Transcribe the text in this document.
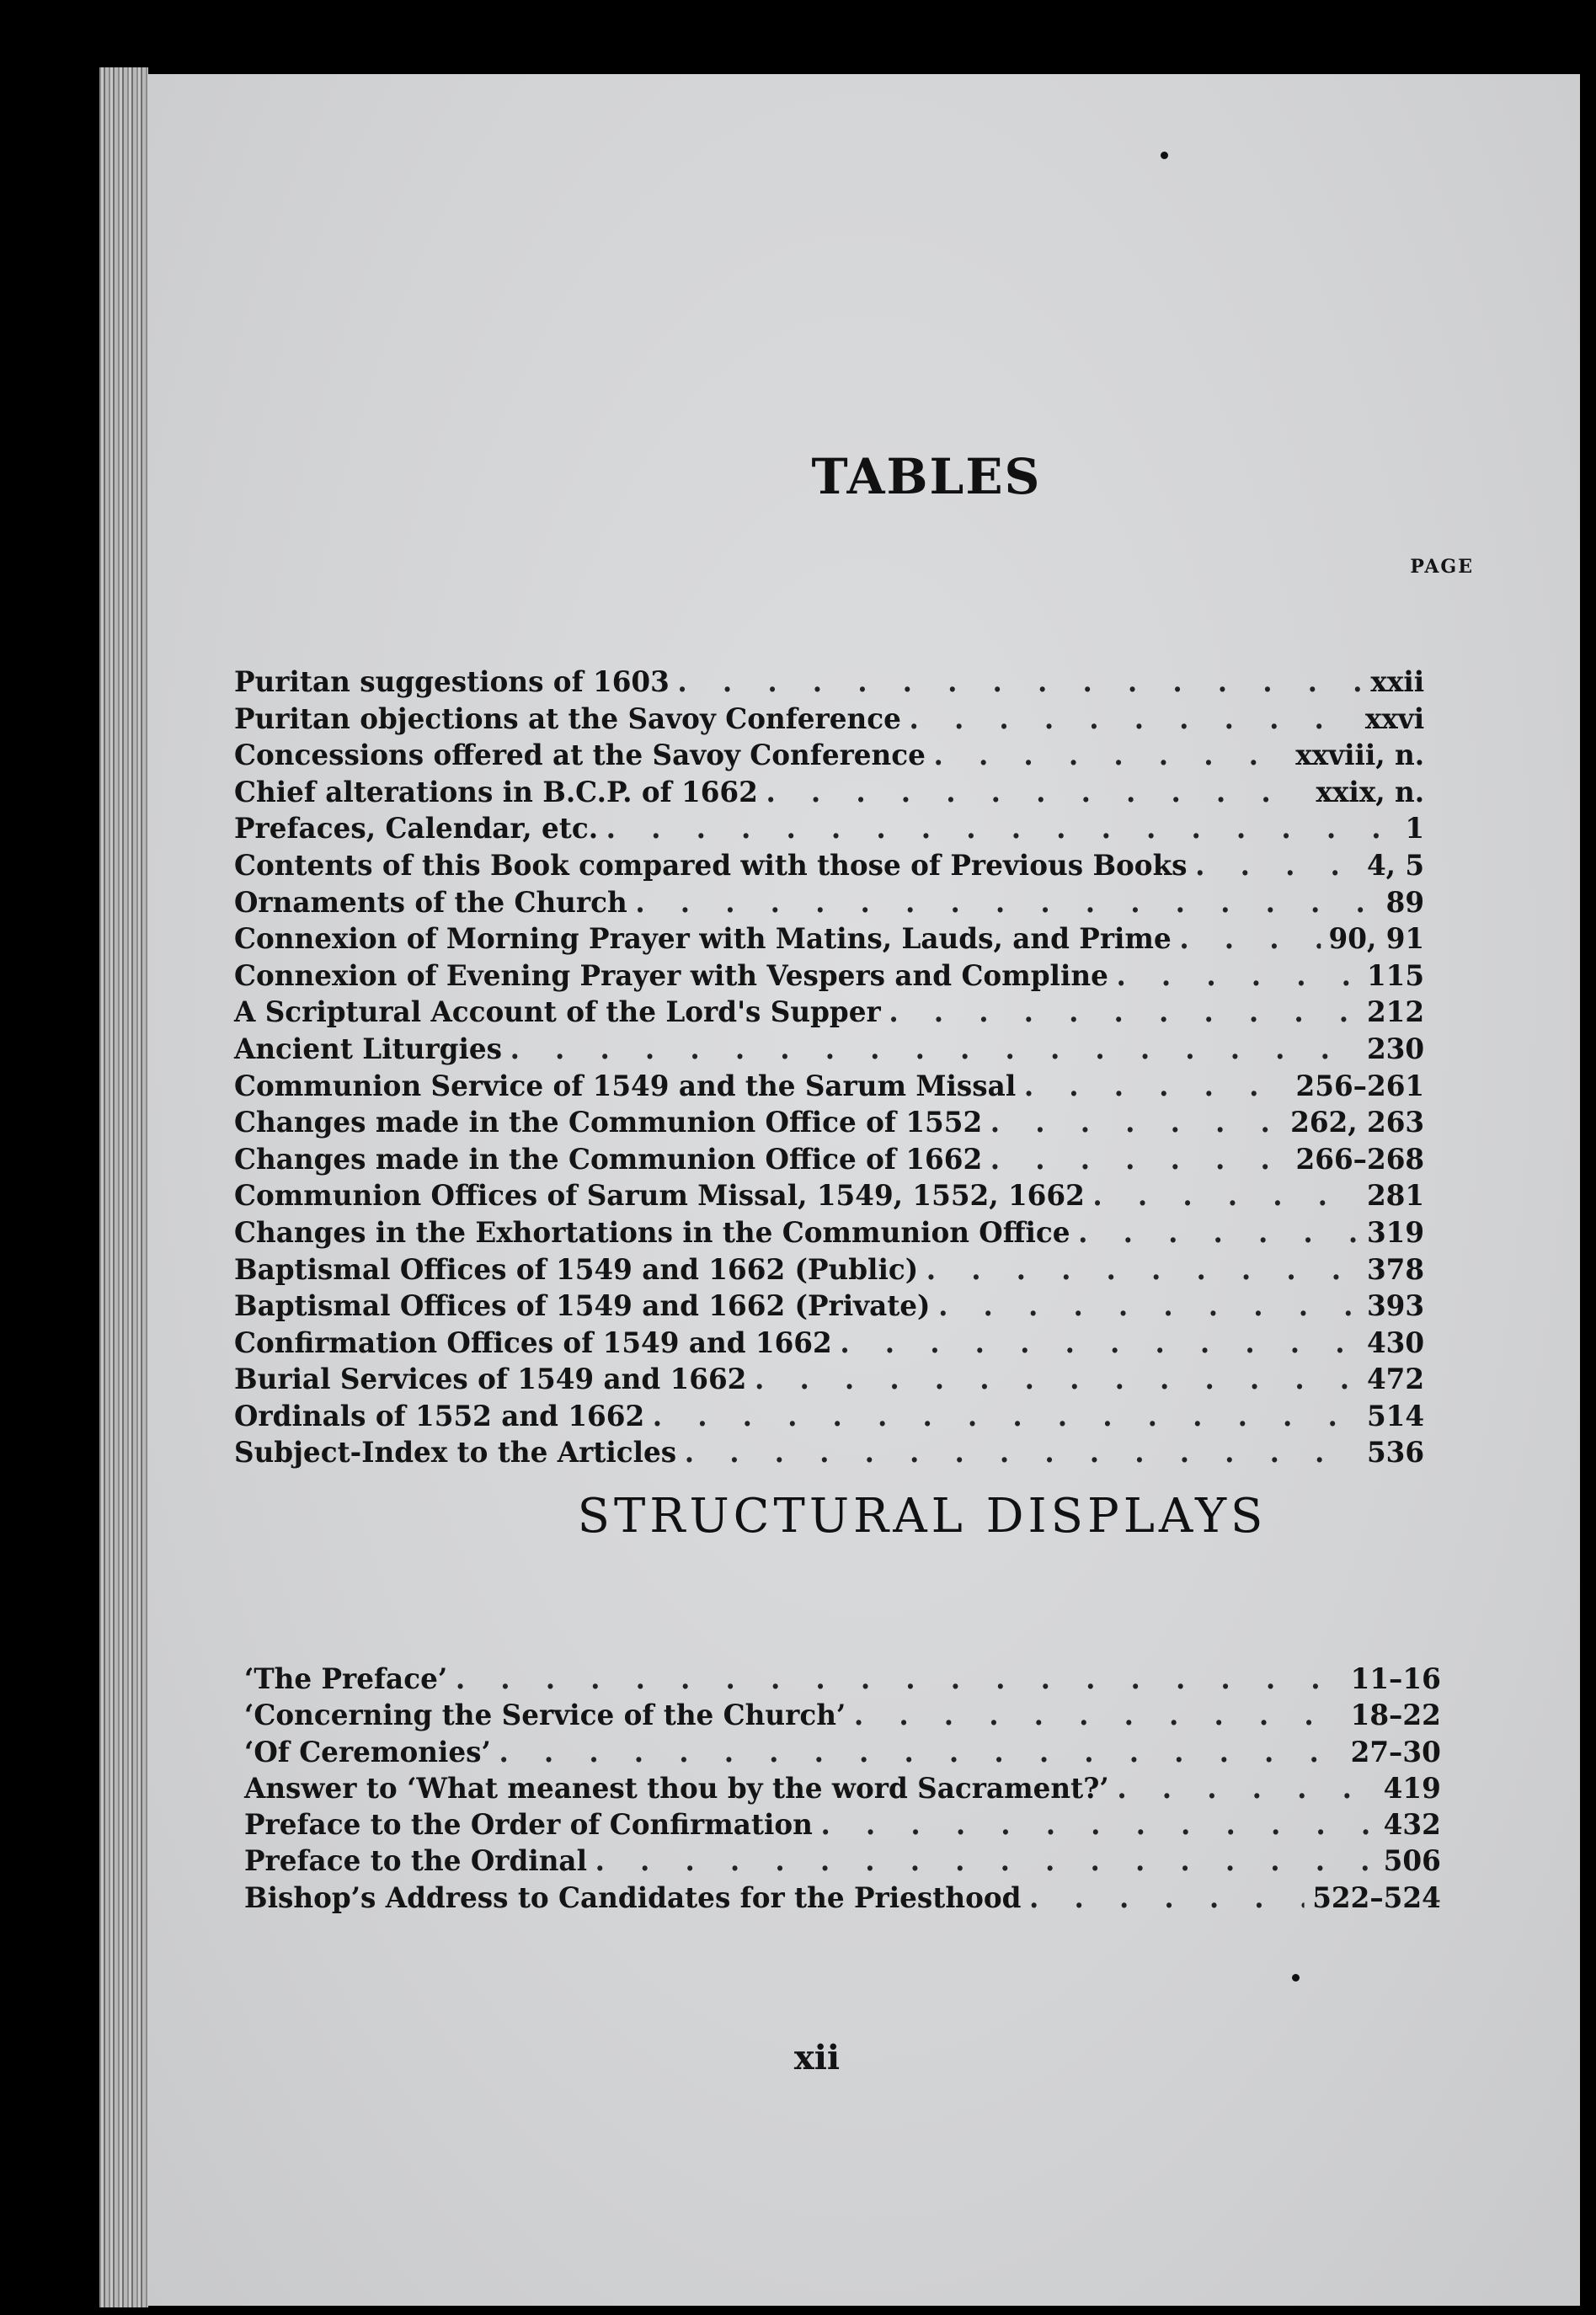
TABLES
PAGE
Puritan suggestions of 1603 . . .	xxii
Puritan objections at the Savoy Conference . . .	xxvi
Concessions offered at the Savoy Conference . . .	xxviii, n.
Chief alterations in B.C.P. of 1662 . . .	xxix, n.
Prefaces, Calendar, etc. . . .	1
Contents of this Book compared with those of Previous Books . . .	4, 5
Ornaments of the Church . . .	89
Connexion of Morning Prayer with Matins, Lauds, and Prime . . .	90, 91
Connexion of Evening Prayer with Vespers and Compline . . .	115
A Scriptural Account of the Lord's Supper . . .	212
Ancient Liturgies . . .	230
Communion Service of 1549 and the Sarum Missal . . .	256–261
Changes made in the Communion Office of 1552 . . .	262, 263
Changes made in the Communion Office of 1662 . . .	266–268
Communion Offices of Sarum Missal, 1549, 1552, 1662 . . .	281
Changes in the Exhortations in the Communion Office . . .	319
Baptismal Offices of 1549 and 1662 (Public) . . .	378
Baptismal Offices of 1549 and 1662 (Private) . . .	393
Confirmation Offices of 1549 and 1662 . . .	430
Burial Services of 1549 and 1662 . . .	472
Ordinals of 1552 and 1662 . . .	514
Subject-Index to the Articles . . .	536
STRUCTURAL DISPLAYS
‘The Preface’ . . .	11–16
‘Concerning the Service of the Church’ . . .	18–22
‘Of Ceremonies’ . . .	27–30
Answer to ‘What meanest thou by the word Sacrament?’ . . .	419
Preface to the Order of Confirmation . . .	432
Preface to the Ordinal . . .	506
Bishop’s Address to Candidates for the Priesthood . . .	522–524
xii
